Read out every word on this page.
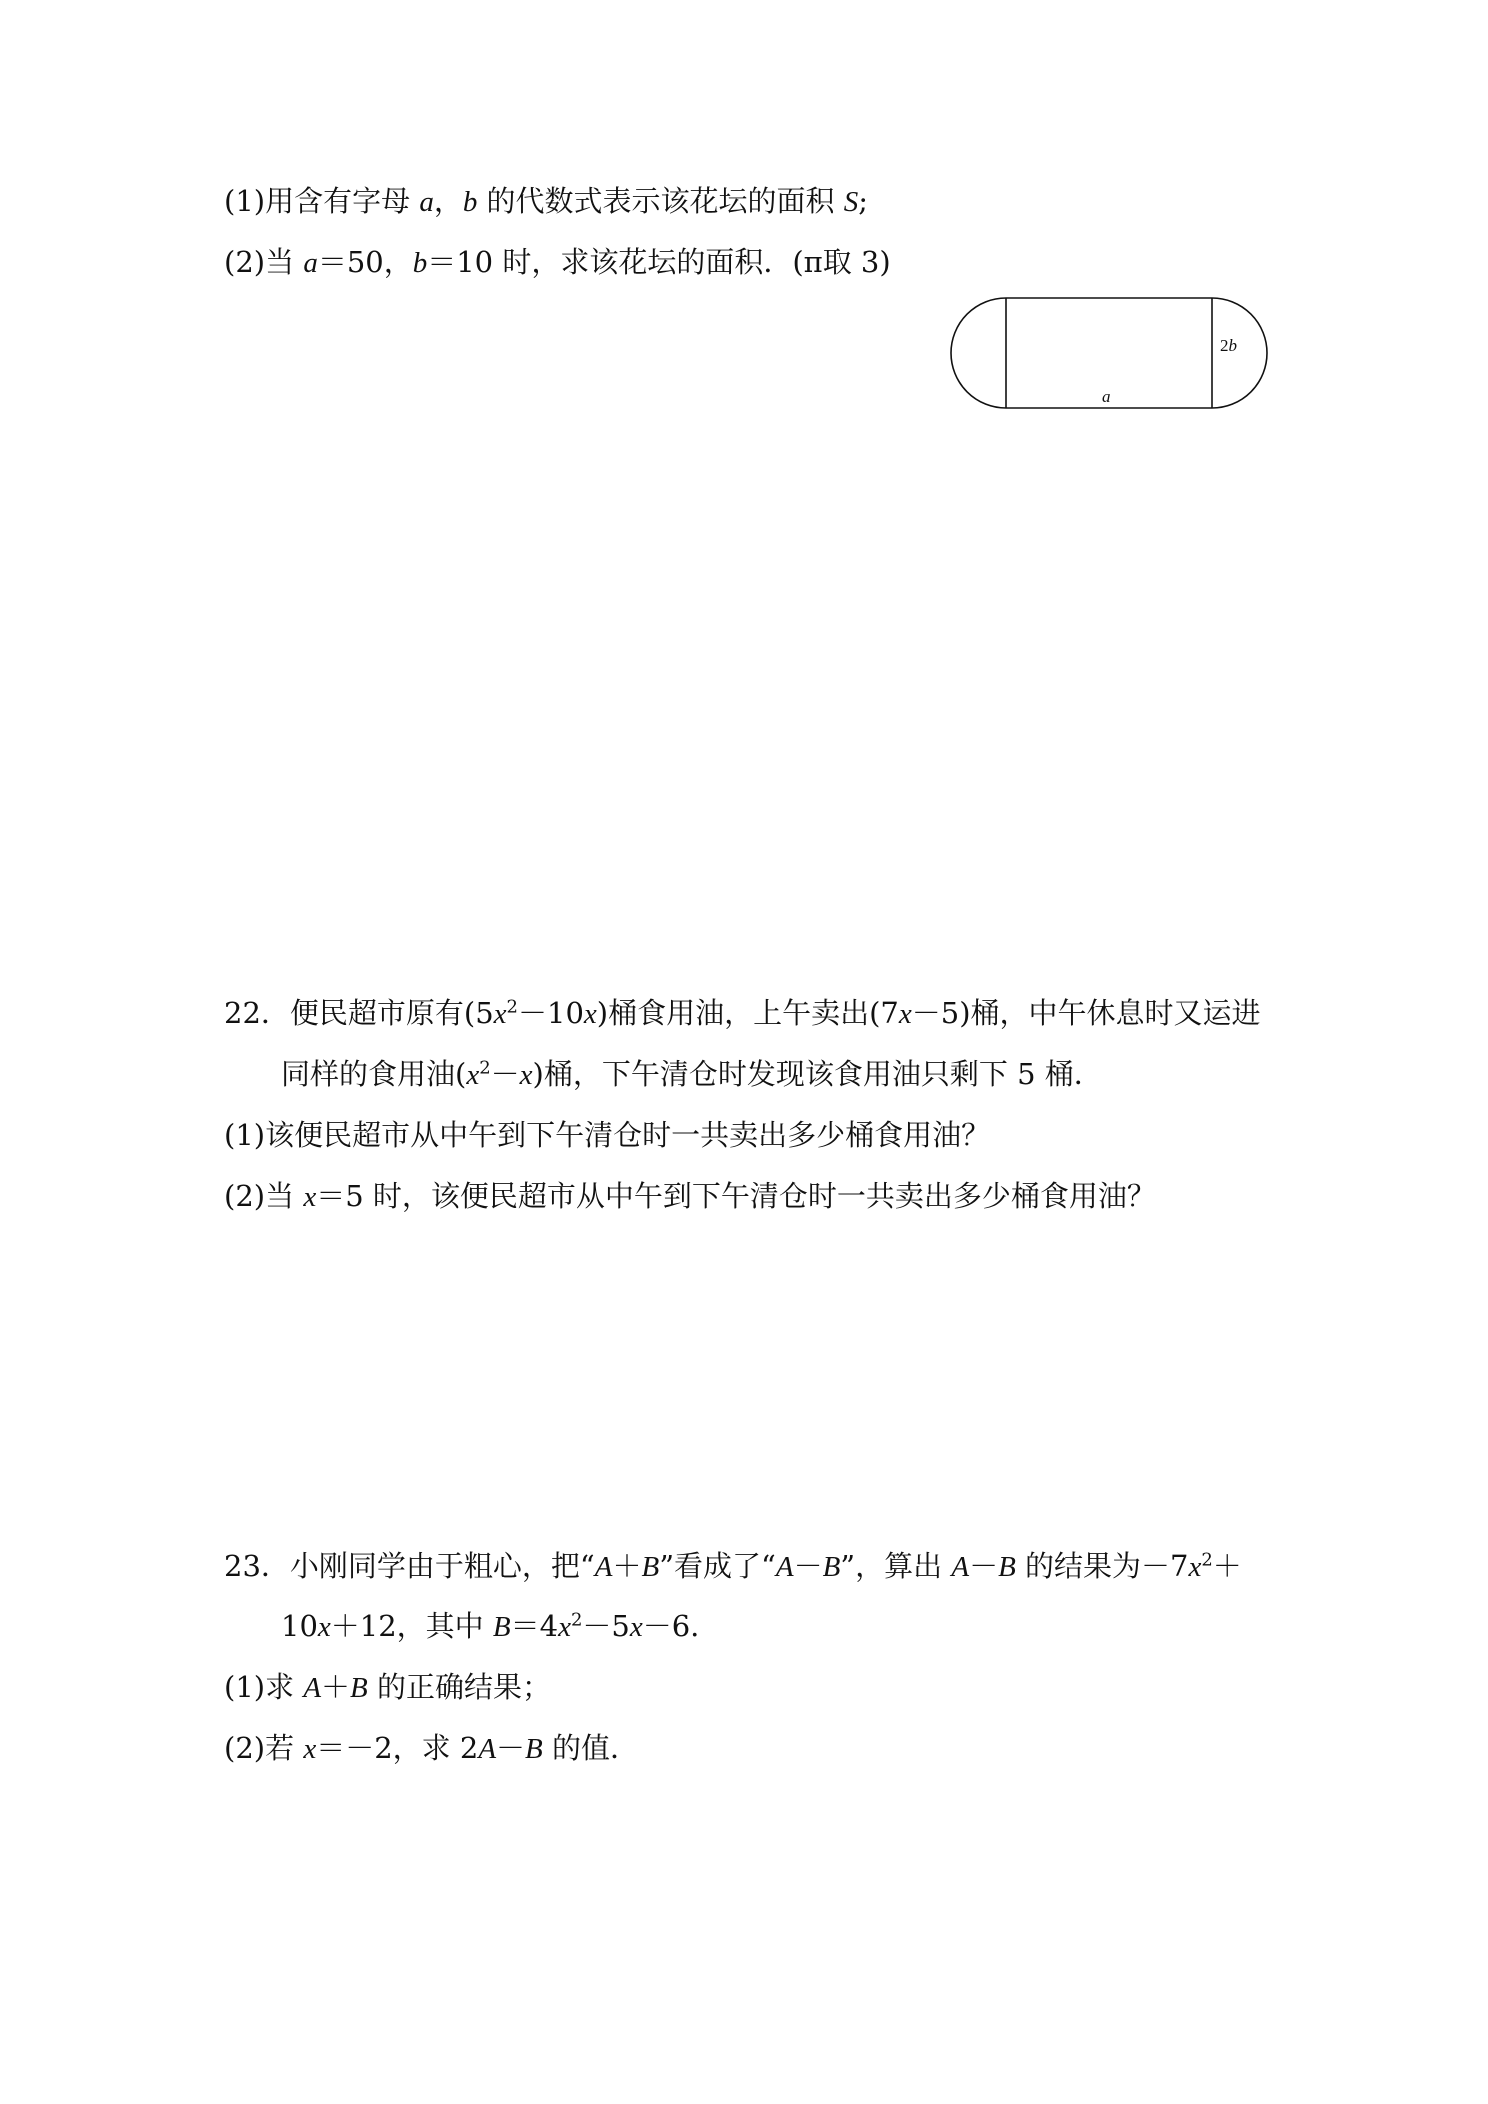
(1)用含有字母 a，b 的代数式表示该花坛的面积 S;
(2)当 a＝50，b＝10 时，求该花坛的面积．(π取 3)
2b
a
22．便民超市原有$(5x^2-10x)$桶食用油，上午卖出(7x－5)桶，中午休息时又运进
同样的食用油$(x^2-x)$桶，下午清仓时发现该食用油只剩下 5 桶．
(1)该便民超市从中午到下午清仓时一共卖出多少桶食用油？
(2)当 x＝5 时，该便民超市从中午到下午清仓时一共卖出多少桶食用油？
23．小刚同学由于粗心，把“A＋B”看成了“A－B”，算出 A－B 的结果为$-7x^2+$
10x＋12，其中 $B=4x^2-5x-6$.
(1)求 A＋B 的正确结果；
(2)若 x＝－2，求 2A－B 的值．
